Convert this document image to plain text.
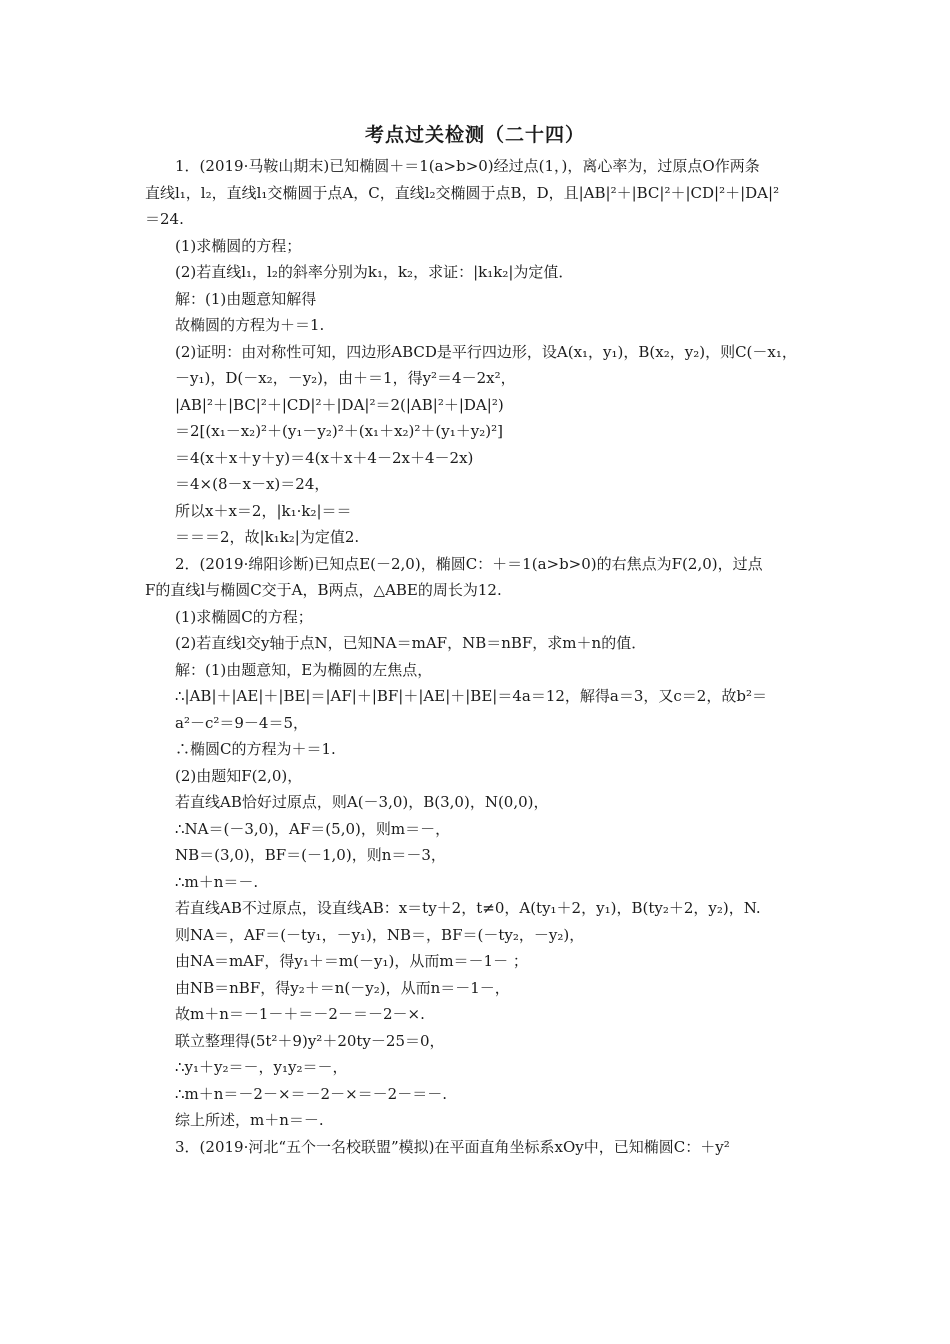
考点过关检测（二十四）
1．(2019·马鞍山期末)已知椭圆＋＝1(a>b>0)经过点(1，)，离心率为，过原点O作两条
直线l₁，l₂，直线l₁交椭圆于点A，C，直线l₂交椭圆于点B，D，且|AB|²＋|BC|²＋|CD|²＋|DA|²
＝24.
(1)求椭圆的方程；
(2)若直线l₁，l₂的斜率分别为k₁，k₂，求证：|k₁k₂|为定值．
解：(1)由题意知解得
故椭圆的方程为＋＝1.
(2)证明：由对称性可知，四边形ABCD是平行四边形，设A(x₁，y₁)，B(x₂，y₂)，则C(－x₁，
－y₁)，D(－x₂，－y₂)，由＋＝1，得y²＝4－2x²，
|AB|²＋|BC|²＋|CD|²＋|DA|²＝2(|AB|²＋|DA|²)
＝2[(x₁－x₂)²＋(y₁－y₂)²＋(x₁＋x₂)²＋(y₁＋y₂)²]
＝4(x＋x＋y＋y)＝4(x＋x＋4－2x＋4－2x)
＝4×(8－x－x)＝24，
所以x＋x＝2，|k₁·k₂|＝＝
＝＝＝2，故|k₁k₂|为定值2.
2．(2019·绵阳诊断)已知点E(－2,0)，椭圆C：＋＝1(a>b>0)的右焦点为F(2,0)，过点
F的直线l与椭圆C交于A，B两点，△ABE的周长为12.
(1)求椭圆C的方程；
(2)若直线l交y轴于点N，已知NA＝mAF，NB＝nBF，求m＋n的值．
解：(1)由题意知，E为椭圆的左焦点，
∴|AB|＋|AE|＋|BE|＝|AF|＋|BF|＋|AE|＋|BE|＝4a＝12，解得a＝3，又c＝2，故b²＝
a²－c²＝9－4＝5，
∴椭圆C的方程为＋＝1.
(2)由题知F(2,0)，
若直线AB恰好过原点，则A(－3,0)，B(3,0)，N(0,0)，
∴NA＝(－3,0)，AF＝(5,0)，则m＝－，
NB＝(3,0)，BF＝(－1,0)，则n＝－3，
∴m＋n＝－.
若直线AB不过原点，设直线AB：x＝ty＋2，t≠0，A(ty₁＋2，y₁)，B(ty₂＋2，y₂)，N.
则NA＝，AF＝(－ty₁，－y₁)，NB＝，BF＝(－ty₂，－y₂)，
由NA＝mAF，得y₁＋＝m(－y₁)，从而m＝－1－ ；
由NB＝nBF，得y₂＋＝n(－y₂)，从而n＝－1－，
故m＋n＝－1－＋＝－2－＝－2－×.
联立整理得(5t²＋9)y²＋20ty－25＝0，
∴y₁＋y₂＝－，y₁y₂＝－，
∴m＋n＝－2－×＝－2－×＝－2－＝－.
综上所述，m＋n＝－.
3．(2019·河北“五个一名校联盟”模拟)在平面直角坐标系xOy中，已知椭圆C：＋y²
